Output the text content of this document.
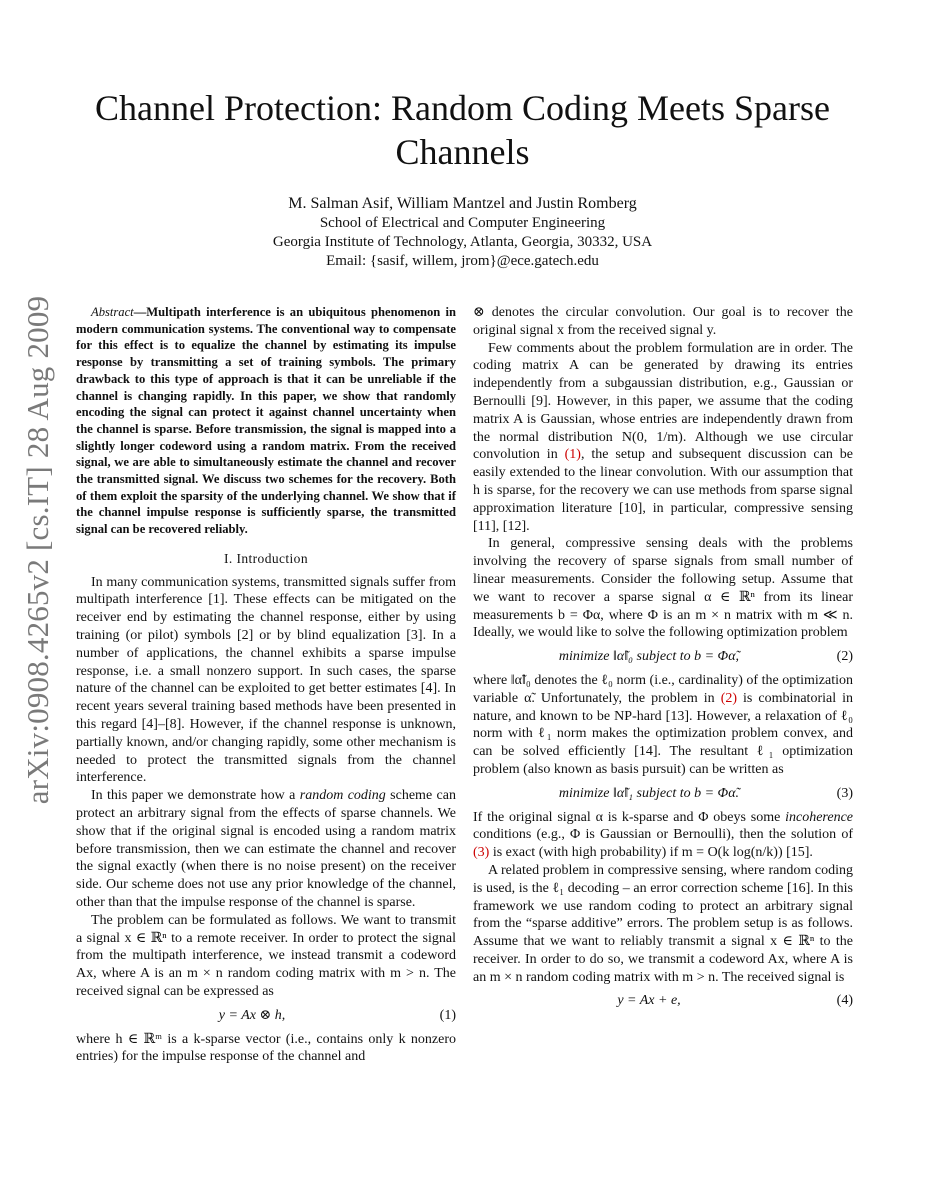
arXiv:0908.4265v2 [cs.IT] 28 Aug 2009
Channel Protection: Random Coding Meets Sparse Channels
M. Salman Asif, William Mantzel and Justin Romberg
School of Electrical and Computer Engineering
Georgia Institute of Technology, Atlanta, Georgia, 30332, USA
Email: {sasif, willem, jrom}@ece.gatech.edu

Abstract—Multipath interference is an ubiquitous phenomenon in modern communication systems. The conventional way to compensate for this effect is to equalize the channel by estimating its impulse response by transmitting a set of training symbols. The primary drawback to this type of approach is that it can be unreliable if the channel is changing rapidly. In this paper, we show that randomly encoding the signal can protect it against channel uncertainty when the channel is sparse. Before transmission, the signal is mapped into a slightly longer codeword using a random matrix. From the received signal, we are able to simultaneously estimate the channel and recover the transmitted signal. We discuss two schemes for the recovery. Both of them exploit the sparsity of the underlying channel. We show that if the channel impulse response is sufficiently sparse, the transmitted signal can be recovered reliably.

I. Introduction

In many communication systems, transmitted signals suffer from multipath interference [1]. These effects can be mitigated on the receiver end by estimating the channel response, either by using training (or pilot) symbols [2] or by blind equalization [3]. In a number of applications, the channel exhibits a sparse impulse response, i.e. a small nonzero support. In such cases, the sparse nature of the channel can be exploited to get better estimates [4]. In recent years several training based methods have been presented in this regard [4]–[8]. However, if the channel response is unknown, partially known, and/or changing rapidly, some other mechanism is needed to protect the transmitted signals from the channel interference.

In this paper we demonstrate how a random coding scheme can protect an arbitrary signal from the effects of sparse channels. We show that if the original signal is encoded using a random matrix before transmission, then we can estimate the channel and recover the signal exactly (when there is no noise present) on the receiver side. Our scheme does not use any prior knowledge of the channel, other than that the impulse response of the channel is sparse.

The problem can be formulated as follows. We want to transmit a signal x ∈ ℝⁿ to a remote receiver. In order to protect the signal from the multipath interference, we instead transmit a codeword Ax, where A is an m × n random coding matrix with m > n. The received signal can be expressed as

y = Ax ⊗ h,	(1)

where h ∈ ℝᵐ is a k-sparse vector (i.e., contains only k nonzero entries) for the impulse response of the channel and

⊗ denotes the circular convolution. Our goal is to recover the original signal x from the received signal y.

Few comments about the problem formulation are in order. The coding matrix A can be generated by drawing its entries independently from a subgaussian distribution, e.g., Gaussian or Bernoulli [9]. However, in this paper, we assume that the coding matrix A is Gaussian, whose entries are independently drawn from the normal distribution N(0, 1/m). Although we use circular convolution in (1), the setup and subsequent discussion can be easily extended to the linear convolution. With our assumption that h is sparse, for the recovery we can use methods from sparse signal approximation literature [10], in particular, compressive sensing [11], [12].

In general, compressive sensing deals with the problems involving the recovery of sparse signals from small number of linear measurements. Consider the following setup. Assume that we want to recover a sparse signal α ∈ ℝⁿ from its linear measurements b = Φα, where Φ is an m × n matrix with m ≪ n. Ideally, we would like to solve the following optimization problem

minimize ‖α̃‖₀ subject to b = Φα̃,	(2)

where ‖α̃‖₀ denotes the ℓ₀ norm (i.e., cardinality) of the optimization variable α̃. Unfortunately, the problem in (2) is combinatorial in nature, and known to be NP-hard [13]. However, a relaxation of ℓ₀ norm with ℓ₁ norm makes the optimization problem convex, and can be solved efficiently [14]. The resultant ℓ₁ optimization problem (also known as basis pursuit) can be written as

minimize ‖α̃‖₁ subject to b = Φα̃.	(3)

If the original signal α is k-sparse and Φ obeys some incoherence conditions (e.g., Φ is Gaussian or Bernoulli), then the solution of (3) is exact (with high probability) if m = O(k log(n/k)) [15].

A related problem in compressive sensing, where random coding is used, is the ℓ₁ decoding – an error correction scheme [16]. In this framework we use random coding to protect an arbitrary signal from the “sparse additive” errors. The problem setup is as follows. Assume that we want to reliably transmit a signal x ∈ ℝⁿ to the receiver. In order to do so, we transmit a codeword Ax, where A is an m × n random coding matrix with m > n. The received signal is

y = Ax + e,	(4)
